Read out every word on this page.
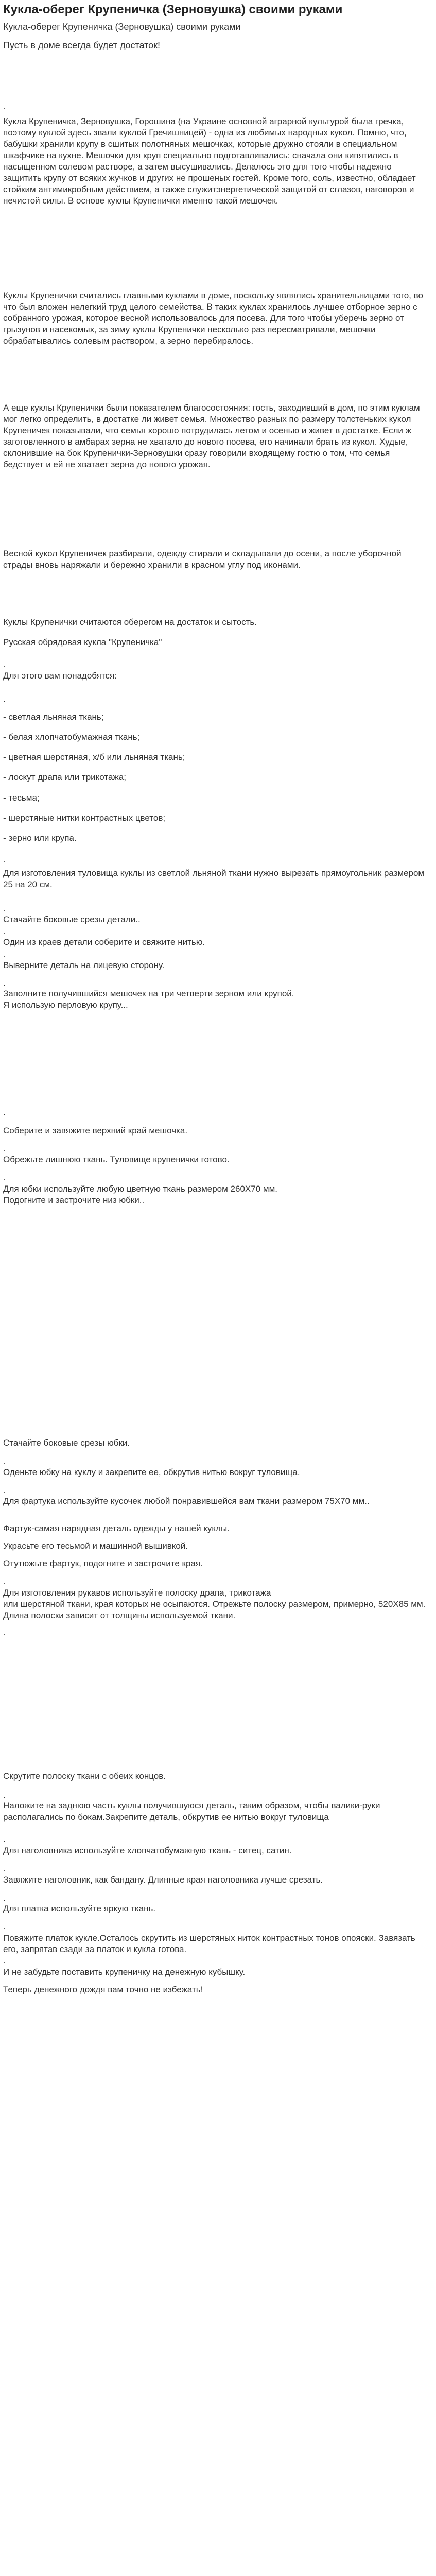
Кукла-оберег Крупеничка (Зерновушка) своими руками

Кукла-оберег Крупеничка (Зерновушка) своими руками

Пусть в доме всегда будет достаток!

.

Кукла Крупеничка, Зерновушка, Горошина (на Украине основной аграрной культурой была гречка, поэтому куклой здесь звали куклой Гречишницей) - одна из любимых народных кукол. Помню, что, бабушки хранили крупу в сшитых полотняных мешочках, которые дружно стояли в специальном шкафчике на кухне. Мешочки для круп специально подготавливались: сначала они кипятились в насыщенном солевом растворе, а затем высушивались. Делалось это для того чтобы надежно защитить крупу от всяких жучков и других не прошеных гостей. Кроме того, соль, известно, обладает стойким антимикробным действием, а также служитэнергетической защитой от сглазов, наговоров и нечистой силы. В основе куклы Крупенички именно такой мешочек.

Куклы Крупенички считались главными куклами в доме, поскольку являлись хранительницами того, во что был вложен нелегкий труд целого семейства. В таких куклах хранилось лучшее отборное зерно с собранного урожая, которое весной использовалось для посева. Для того чтобы уберечь зерно от грызунов и насекомых, за зиму куклы Крупенички несколько раз пересматривали, мешочки обрабатывались солевым раствором, а зерно перебиралось.

А еще куклы Крупенички были показателем благосостояния: гость, заходивший в дом, по этим куклам мог легко определить, в достатке ли живет семья. Множество разных по размеру толстеньких кукол Крупеничек показывали, что семья хорошо потрудилась летом и осенью и живет в достатке. Если ж заготовленного в амбарах зерна не хватало до нового посева, его начинали брать из кукол. Худые, склонившие на бок Крупенички-Зерновушки сразу говорили входящему гостю о том, что семья бедствует и ей не хватает зерна до нового урожая.

Весной кукол Крупеничек разбирали, одежду стирали и складывали до осени, а после уборочной страды вновь наряжали и бережно хранили в красном углу под иконами.

Куклы Крупенички считаются оберегом на достаток и сытость.

Русская обрядовая кукла "Крупеничка"

.

Для этого вам понадобятся:

.

- светлая льняная ткань;

- белая хлопчатобумажная ткань;

- цветная шерстяная, х/б или льняная ткань;

- лоскут драпа или трикотажа;

- тесьма;

- шерстяные нитки контрастных цветов;

- зерно или крупа.

.

Для изготовления туловища куклы из светлой льняной ткани нужно вырезать прямоугольник размером 25 на 20 см.

.

Стачайте боковые срезы детали..

.

Один из краев детали соберите и свяжите нитью.

.

Выверните деталь на лицевую сторону.

.

Заполните получившийся мешочек на три четверти зерном или крупой.
Я использую перловую крупу...

.

Соберите и завяжите верхний край мешочка.

.

Обрежьте лишнюю ткань. Туловище крупенички готово.

.

Для юбки используйте любую цветную ткань размером 260Х70 мм.
Подогните и застрочите низ юбки..

Стачайте боковые срезы юбки.

.

Оденьте юбку на куклу и закрепите ее, обкрутив нитью вокруг туловища.

.

Для фартука используйте кусочек любой понравившейся вам ткани размером 75Х70 мм..

Фартук-самая нарядная деталь одежды у нашей куклы.

Украсьте его тесьмой и машинной вышивкой.

Отутюжьте фартук, подогните и застрочите края.

.

Для изготовления рукавов используйте полоску драпа, трикотажа
или шерстяной ткани, края которых не осыпаются. Отрежьте полоску размером, примерно, 520Х85 мм. Длина полоски зависит от толщины используемой ткани.

.

Скрутите полоску ткани с обеих концов.

.

Наложите на заднюю часть куклы получившуюся деталь, таким образом, чтобы валики-руки располагались по бокам.Закрепите деталь, обкрутив ее нитью вокруг туловища

.

Для наголовника используйте хлопчатобумажную ткань - ситец, сатин.

.

Завяжите наголовник, как бандану. Длинные края наголовника лучше срезать.

.

Для платка используйте яркую ткань.

.

Повяжите платок кукле.Осталось скрутить из шерстяных ниток контрастных тонов опояски. Завязать его, запрятав сзади за платок и кукла готова.

.

И не забудьте поставить крупеничку на денежную кубышку.

Теперь денежного дождя вам точно не избежать!
